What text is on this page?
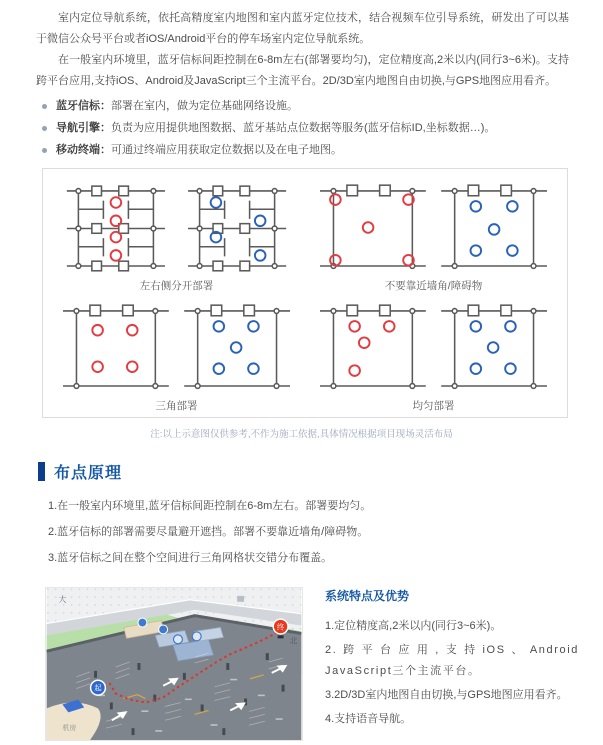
室内定位导航系统，依托高精度室内地图和室内蓝牙定位技术，结合视频车位引导系统，研发出了可以基于微信公众号平台或者iOS/Android平台的停车场室内定位导航系统。

在一般室内环境里，蓝牙信标间距控制在6-8m左右(部署要均匀)，定位精度高,2米以内(同行3~6米)。支持跨平台应用,支持iOS、Android及JavaScript三个主流平台。2D/3D室内地图自由切换,与GPS地图应用看齐。

蓝牙信标：部署在室内，做为定位基础网络设施。
导航引擎：负责为应用提供地图数据、蓝牙基站点位数据等服务(蓝牙信标ID,坐标数据…)。
移动终端：可通过终端应用获取定位数据以及在电子地图。
左右侧分开部署	不要靠近墙角/障碍物
三角部署	均匀部署
注:以上示意图仅供参考,不作为施工依据,具体情况根据项目现场灵活布局
布点原理
1.在一般室内环境里,蓝牙信标间距控制在6-8m左右。部署要均匀。
2.蓝牙信标的部署需要尽量避开遮挡。部署不要靠近墙角/障碍物。
3.蓝牙信标之间在整个空间进行三角网格状交错分布覆盖。
机房
起
终
大
北
系统特点及优势
1.定位精度高,2米以内(同行3~6米)。
2.跨平台应用,支持iOS、Android JavaScript三个主流平台。
3.2D/3D室内地图自由切换,与GPS地图应用看齐。
4.支持语音导航。
